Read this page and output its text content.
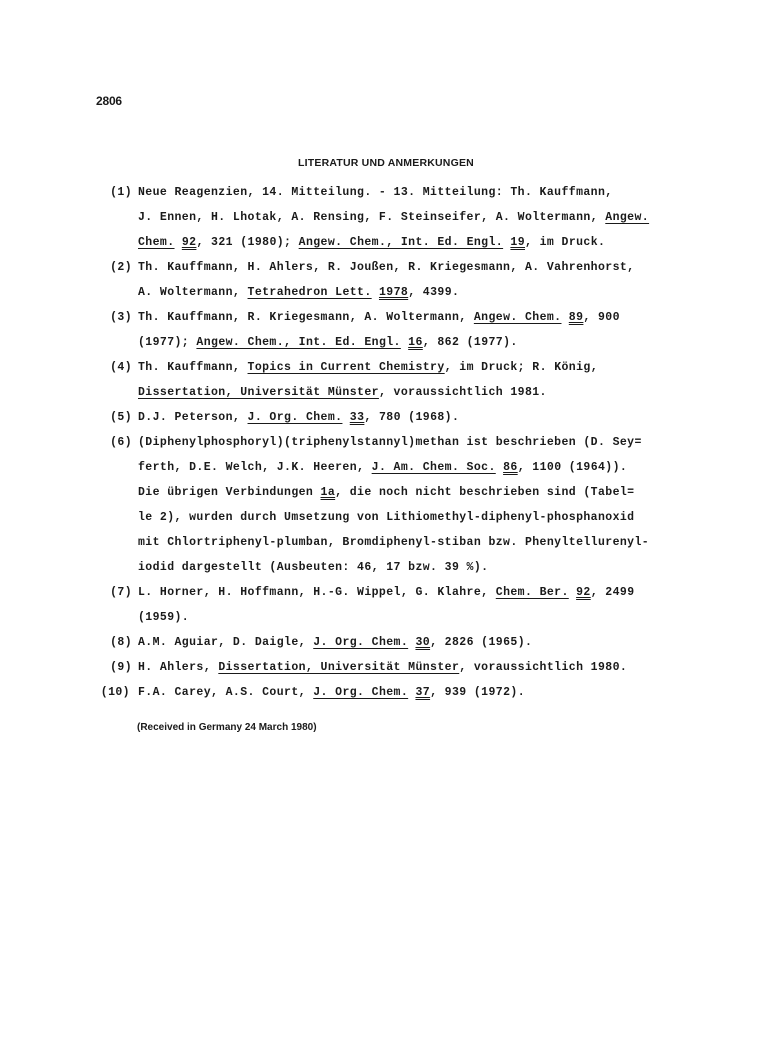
2806
LITERATUR UND ANMERKUNGEN
(1) Neue Reagenzien, 14. Mitteilung. - 13. Mitteilung: Th. Kauffmann,
J. Ennen, H. Lhotak, A. Rensing, F. Steinseifer, A. Woltermann, Angew.
Chem. 92, 321 (1980); Angew. Chem., Int. Ed. Engl. 19, im Druck.
(2) Th. Kauffmann, H. Ahlers, R. Joußen, R. Kriegesmann, A. Vahrenhorst,
A. Woltermann, Tetrahedron Lett. 1978, 4399.
(3) Th. Kauffmann, R. Kriegesmann, A. Woltermann, Angew. Chem. 89, 900
(1977); Angew. Chem., Int. Ed. Engl. 16, 862 (1977).
(4) Th. Kauffmann, Topics in Current Chemistry, im Druck; R. König,
Dissertation, Universität Münster, voraussichtlich 1981.
(5) D.J. Peterson, J. Org. Chem. 33, 780 (1968).
(6) (Diphenylphosphoryl)(triphenylstannyl)methan ist beschrieben (D. Sey=
ferth, D.E. Welch, J.K. Heeren, J. Am. Chem. Soc. 86, 1100 (1964)).
Die übrigen Verbindungen 1a, die noch nicht beschrieben sind (Tabel=
le 2), wurden durch Umsetzung von Lithiomethyl-diphenyl-phosphanoxid
mit Chlortriphenyl-plumban, Bromdiphenyl-stiban bzw. Phenyltellurenyl-
iodid dargestellt (Ausbeuten: 46, 17 bzw. 39 %).
(7) L. Horner, H. Hoffmann, H.-G. Wippel, G. Klahre, Chem. Ber. 92, 2499
(1959).
(8) A.M. Aguiar, D. Daigle, J. Org. Chem. 30, 2826 (1965).
(9) H. Ahlers, Dissertation, Universität Münster, voraussichtlich 1980.
(10) F.A. Carey, A.S. Court, J. Org. Chem. 37, 939 (1972).
(Received in Germany 24 March 1980)
